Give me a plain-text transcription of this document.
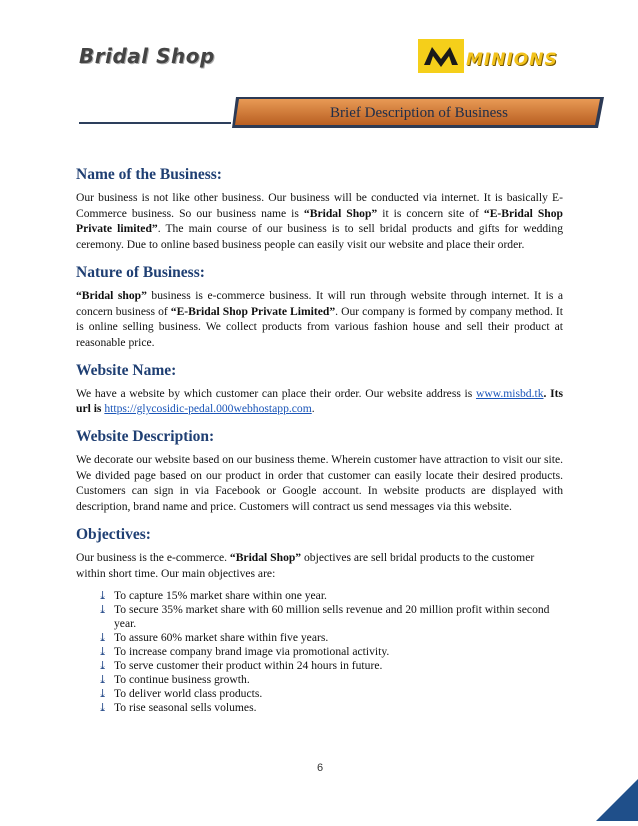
Bridal Shop	MINIONS
Brief Description of Business
Name of the Business:

Our business is not like other business. Our business will be conducted via internet. It is basically E-Commerce business. So our business name is “Bridal Shop” it is concern site of “E-Bridal Shop Private limited”. The main course of our business is to sell bridal products and gifts for wedding ceremony. Due to online based business people can easily visit our website and place their order.

Nature of Business:

“Bridal shop” business is e-commerce business. It will run through website through internet. It is a concern business of “E-Bridal Shop Private Limited”. Our company is formed by company method. It is online selling business. We collect products from various fashion house and sell their product at reasonable price.

Website Name:

We have a website by which customer can place their order. Our website address is www.misbd.tk. Its url is https://glycosidic-pedal.000webhostapp.com.

Website Description:

We decorate our website based on our business theme. Wherein customer have attraction to visit our site. We divided page based on our product in order that customer can easily locate their desired products. Customers can sign in via Facebook or Google account. In website products are displayed with description, brand name and price. Customers will contract us send messages via this website.

Objectives:

Our business is the e-commerce. “Bridal Shop” objectives are sell bridal products to the customer within short time. Our main objectives are:

⤓ To capture 15% market share within one year.
⤓ To secure 35% market share with 60 million sells revenue and 20 million profit within second year.
⤓ To assure 60% market share within five years.
⤓ To increase company brand image via promotional activity.
⤓ To serve customer their product within 24 hours in future.
⤓ To continue business growth.
⤓ To deliver world class products.
⤓ To rise seasonal sells volumes.
6
